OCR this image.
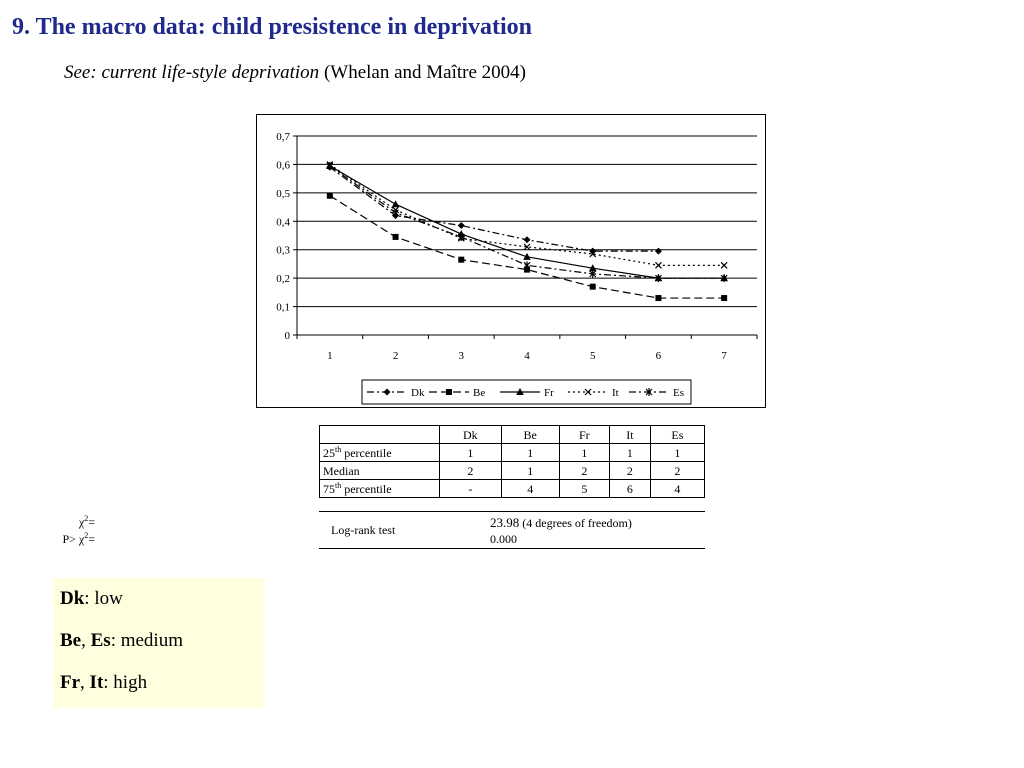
9. The macro data: child presistence in deprivation
See: current life-style deprivation (Whelan and Maître 2004)
0
0,1
0,2
0,3
0,4
0,5
0,6
0,7
1	2	3	4	5	6	7
Dk	Be	Fr	It	Es
	Dk	Be	Fr	It	Es
25th percentile	1	1	1	1	1
Median	2	1	2	2	2
75th percentile	-	4	5	6	4
Log-rank test
$\chi^2=$	23.98 (4 degrees of freedom)
$P> \chi^2=$	0.000

Dk: low

Be, Es: medium

Fr, It: high
